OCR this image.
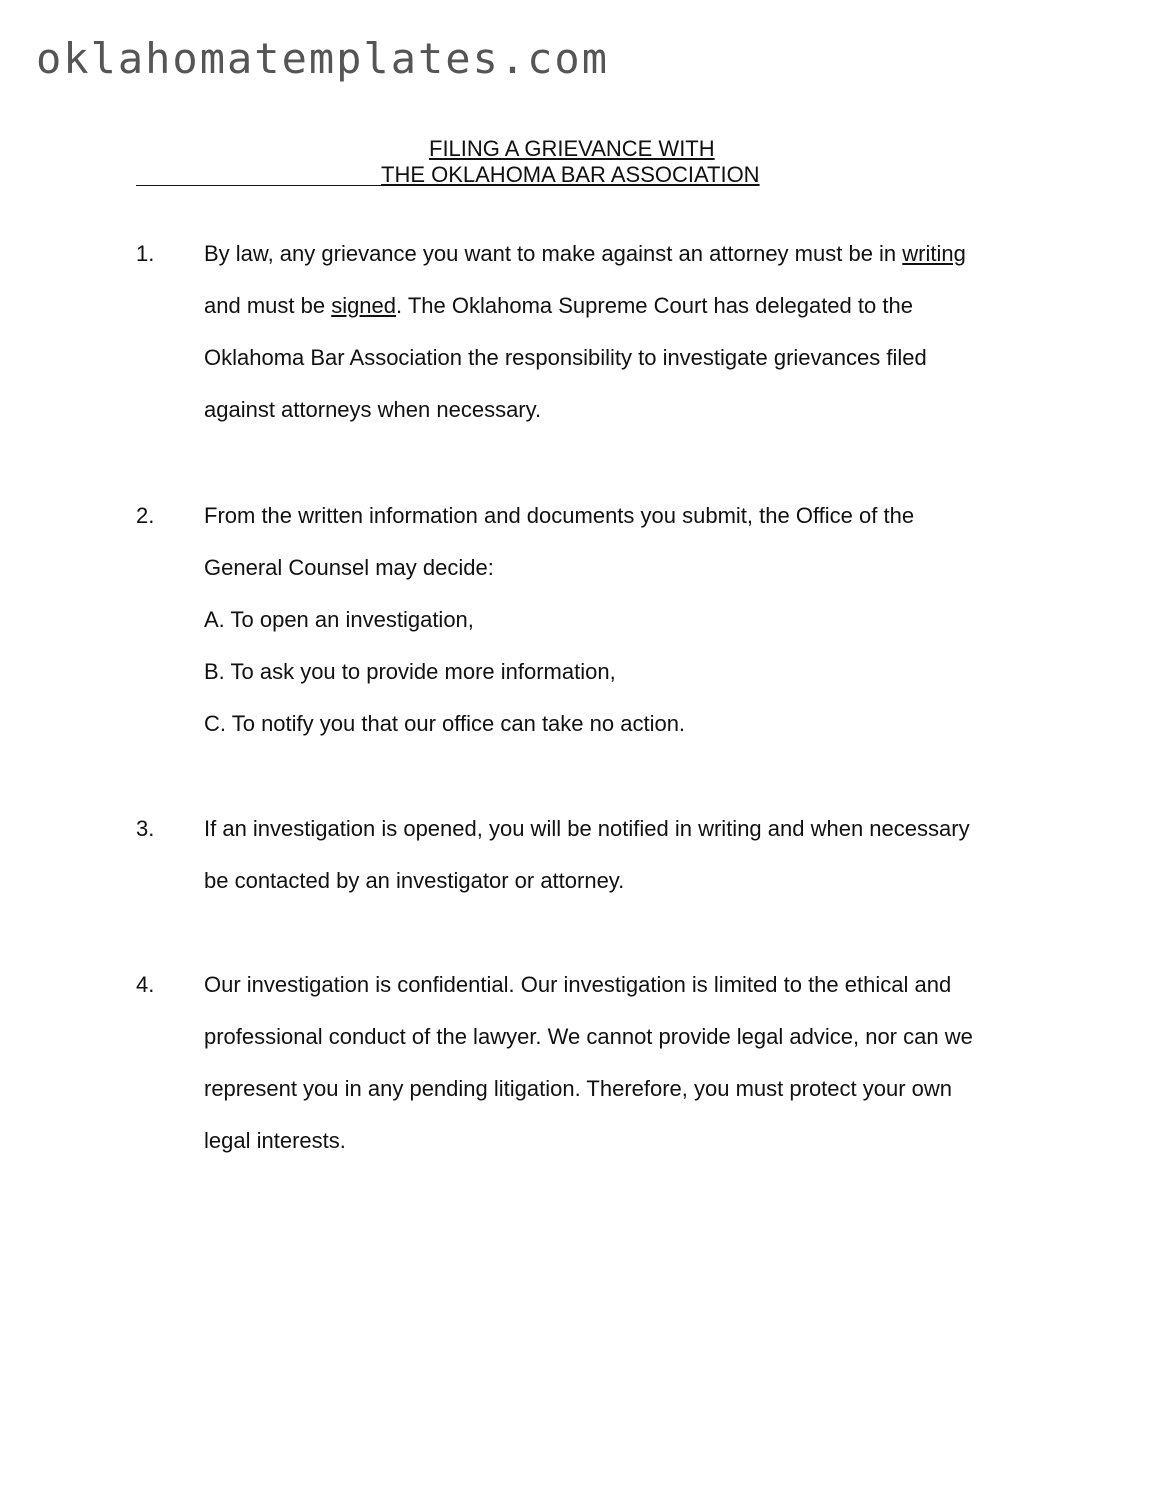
oklahomatemplates.com
FILING A GRIEVANCE WITH
THE OKLAHOMA BAR ASSOCIATION
1.	By law, any grievance you want to make against an attorney must be in writing
and must be signed. The Oklahoma Supreme Court has delegated to the
Oklahoma Bar Association the responsibility to investigate grievances filed
against attorneys when necessary.
2.	From the written information and documents you submit, the Office of the
General Counsel may decide:
A. To open an investigation,
B. To ask you to provide more information,
C. To notify you that our office can take no action.
3.	If an investigation is opened, you will be notified in writing and when necessary
be contacted by an investigator or attorney.
4.	Our investigation is confidential. Our investigation is limited to the ethical and
professional conduct of the lawyer. We cannot provide legal advice, nor can we
represent you in any pending litigation. Therefore, you must protect your own
legal interests.
